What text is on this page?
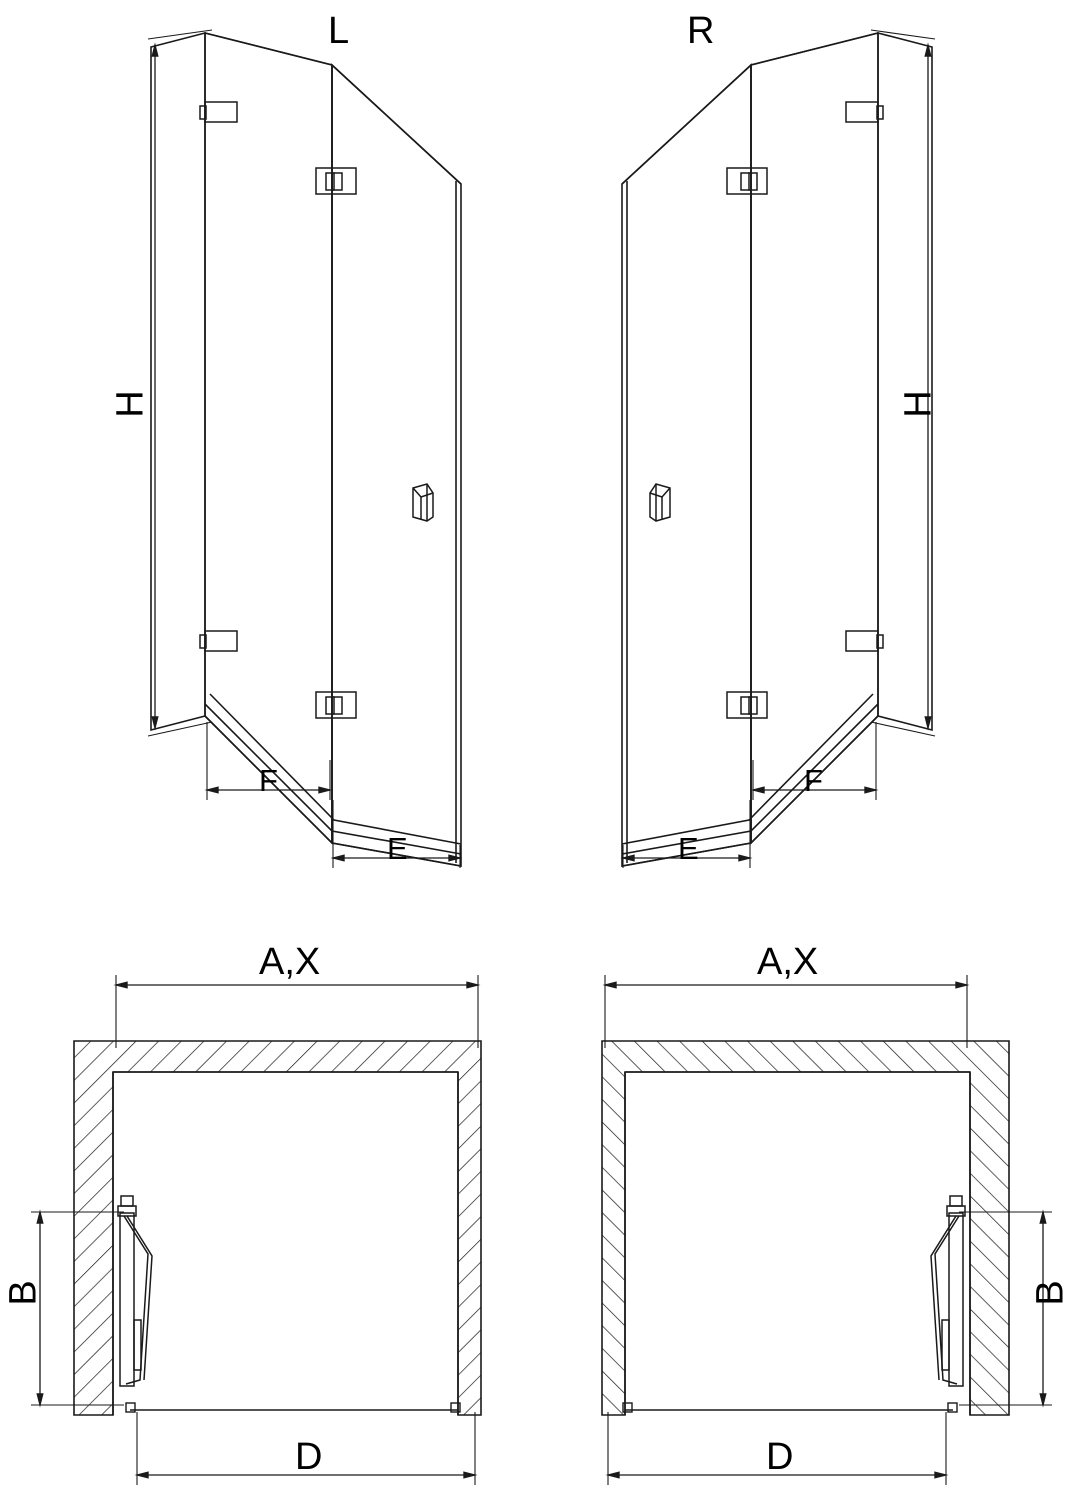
L	R
H	H
F
E	E
F
A,X	A,X
B	B
D	D
